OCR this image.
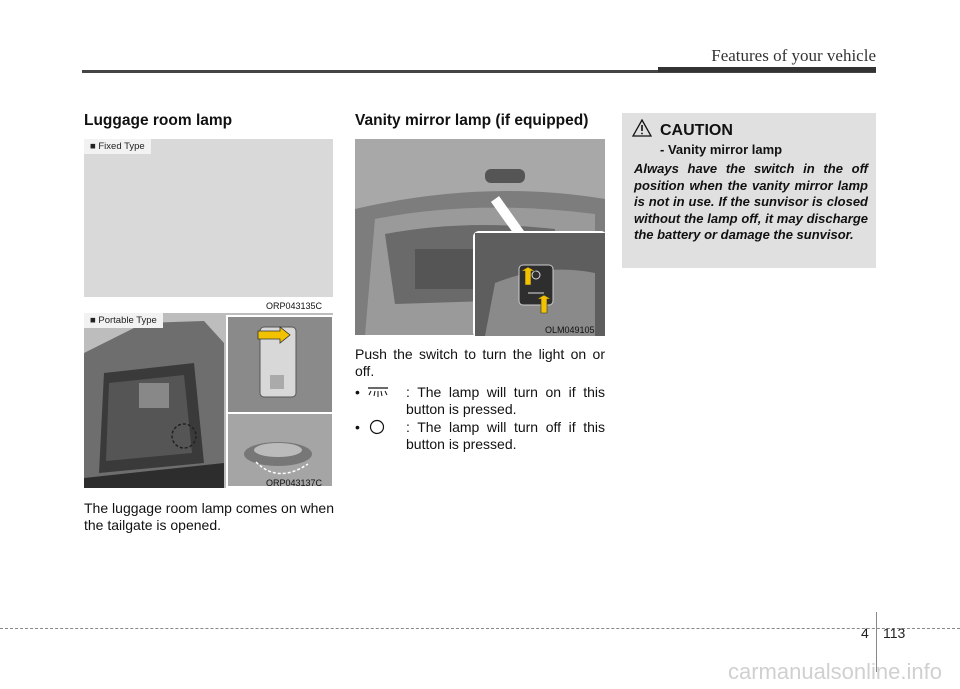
Features of your vehicle
Luggage room lamp
■ Fixed Type
ORP043135C
■ Portable Type
ORP043137C
The luggage room lamp comes on when the tailgate is opened.
Vanity mirror lamp (if equipped)
OLM049105
Push the switch to turn the light on or off.
•	: The lamp will turn on if this button is pressed.
•	: The lamp will turn off if this button is pressed.
CAUTION
- Vanity mirror lamp
Always have the switch in the off position when the vanity mirror lamp is not in use. If the sunvisor is closed without the lamp off, it may discharge the battery or damage the sunvisor.
4 113
carmanualsonline.info
